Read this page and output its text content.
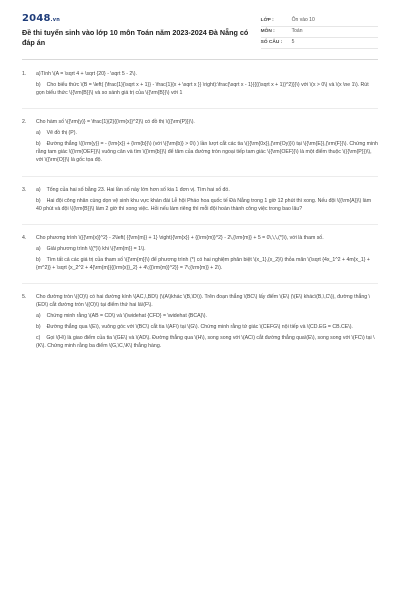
2048.vn
Đề thi tuyển sinh vào lớp 10 môn Toán năm 2023-2024 Đà Nẵng có đáp án
LỚP :	Ôn vào 10
MÔN :	Toán
SỐ CÂU :	5
1.	a)Tính \(A = \sqrt 4 + \sqrt {20} - \sqrt 5 - 2\).
b) Cho biểu thức \(B = \left( {\frac{1}{\sqrt x + 1}} - \frac{1}{x + \sqrt x }} \right):\frac{\sqrt x - 1}{{{(\sqrt x + 1)}^2}}}\) với \(x > 0\) và \(x \ne 1\). Rút gọn biểu thức \({\rm{B}}\) và so sánh giá trị của \({\rm{B}}\) với 1
2.	Cho hàm số \({\rm{y}} = \frac{1}{2}{{\rm{x}}^2}\) có đồ thị \(({\rm{P}})\).
a) Vẽ đồ thị (P).
b) Đường thẳng \({\rm{y}} = - {\rm{x}} + {\rm{b}}\) (với \({\rm{b}} > 0\) ) lần lượt cắt các tia \(({\rm{0x}},{\rm{Oy}}\) tại \({\rm{E}},{\rm{F}}\). Chứng minh rằng tam giác \({\rm{OEF}}\) vuông cân và tìm \({\rm{b}}\) để tâm của đường tròn ngoại tiếp tam giác \({\rm{OEF}}\) là một điểm thuộc \(({\rm{P}})\), với \({\rm{O}}\) là gốc tọa độ.
3.	a) Tổng của hai số bằng 23. Hai lần số này lớn hơn số kia 1 đơn vị. Tìm hai số đó.
b) Hai đội công nhân cùng dọn vệ sinh khu vực khán đài Lễ hội Pháo hoa quốc tế Đà Nẵng trong 1 giờ 12 phút thì xong. Nếu đội \({\rm{A}}\) làm 40 phút và đội \({\rm{B}}\) làm 2 giờ thì xong việc. Hỏi nếu làm riêng thì mỗi đội hoàn thành công việc trong bao lâu?
4.	Cho phương trình \({{\rm{x}}^2} - 2\left( {{\rm{m}} + 1} \right){\rm{x}} + {{\rm{m}}^2} - 2\,{\rm{m}} + 5 = 0\,\,\,(*)\), với là tham số.
a) Giải phương trình \((*)\) khi \({\rm{m}} = 1\).
b) Tìm tất cả các giá trị của tham số \({\rm{m}}\) để phương trình (*) có hai nghiệm phân biệt \(x_1},{x_2}\) thỏa mãn \(\sqrt {4x_1^2 + 4m{x_1} + {m^2}} + \sqrt {x_2^2 + 4{\rm{m}}{{\rm{x}}_2} + 4\;{{\rm{m}}^2}} = 7\;{\rm{m}} + 2\).
5.	Cho đường tròn \((O)\) có hai đường kính \(AC,\,BD\) (\(A\)khác \(B,\D\)). Trên đoạn thẳng \(BC\) lấy điểm \(E\) (\(E\) khác\(B,\,C\)), đường thẳng \(ED\) cắt đường tròn \((O)\) tại điểm thứ hai là\(F\).
a) Chứng minh rằng \(AB = CD\) và \(\widehat {CFD} = \widehat {BCA}\).
b) Đường thẳng qua \(E\), vuông góc với \(BC\) cắt tia \(AF\) tại \(G\). Chứng minh rằng tứ giác \(CEFG\) nội tiếp và \(CD.EG = CB.CE\).
c) Gọi \(H\) là giao điểm của tia \(GE\) và \(AD\). Đường thẳng qua \(H\), song song với \(AC\) cắt đường thẳng qua\(E\), song song với \(FC\) tại \(K\). Chứng minh rằng ba điểm \(G,\C,\K\) thẳng hàng.
